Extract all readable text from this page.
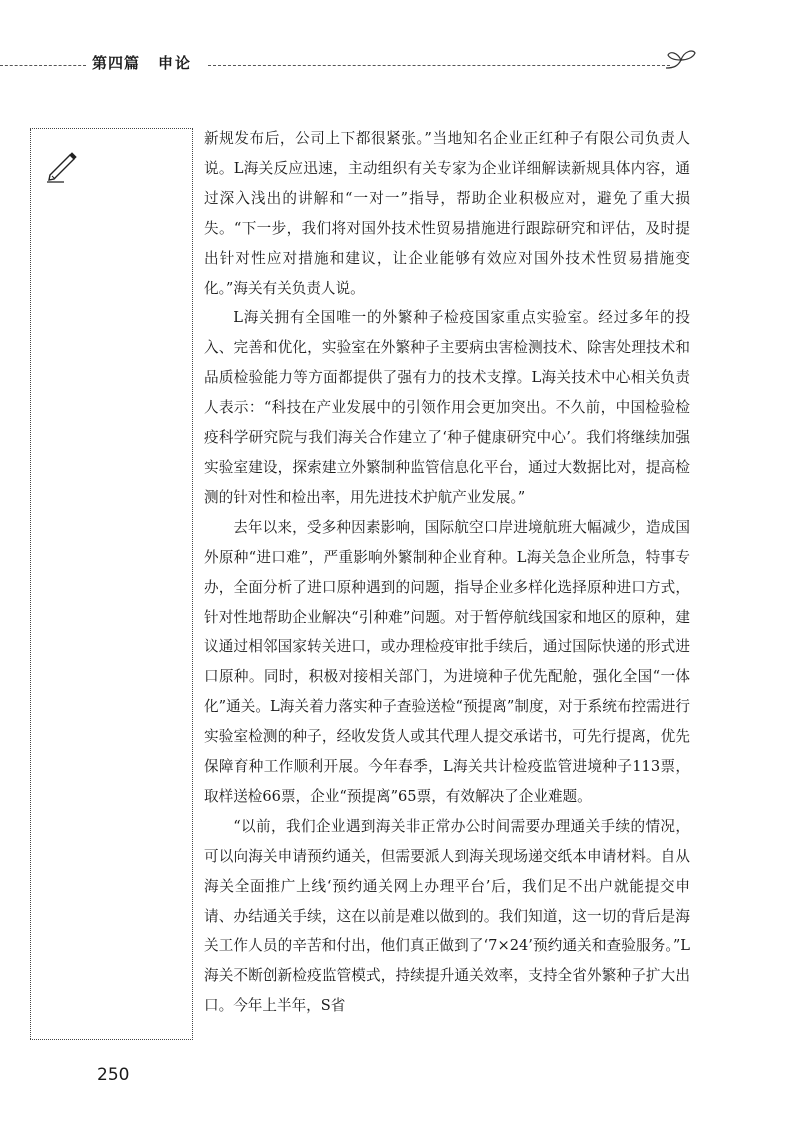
第四篇 申论

新规发布后，公司上下都很紧张。”当地知名企业正红种子有限公司负责人说。L海关反应迅速，主动组织有关专家为企业详细解读新规具体内容，通过深入浅出的讲解和“一对一”指导，帮助企业积极应对，避免了重大损失。“下一步，我们将对国外技术性贸易措施进行跟踪研究和评估，及时提出针对性应对措施和建议，让企业能够有效应对国外技术性贸易措施变化。”海关有关负责人说。

L海关拥有全国唯一的外繁种子检疫国家重点实验室。经过多年的投入、完善和优化，实验室在外繁种子主要病虫害检测技术、除害处理技术和品质检验能力等方面都提供了强有力的技术支撑。L海关技术中心相关负责人表示：“科技在产业发展中的引领作用会更加突出。不久前，中国检验检疫科学研究院与我们海关合作建立了‘种子健康研究中心’。我们将继续加强实验室建设，探索建立外繁制种监管信息化平台，通过大数据比对，提高检测的针对性和检出率，用先进技术护航产业发展。”

去年以来，受多种因素影响，国际航空口岸进境航班大幅减少，造成国外原种“进口难”，严重影响外繁制种企业育种。L海关急企业所急，特事专办，全面分析了进口原种遇到的问题，指导企业多样化选择原种进口方式，针对性地帮助企业解决“引种难”问题。对于暂停航线国家和地区的原种，建议通过相邻国家转关进口，或办理检疫审批手续后，通过国际快递的形式进口原种。同时，积极对接相关部门，为进境种子优先配舱，强化全国“一体化”通关。L海关着力落实种子查验送检“预提离”制度，对于系统布控需进行实验室检测的种子，经收发货人或其代理人提交承诺书，可先行提离，优先保障育种工作顺利开展。今年春季，L海关共计检疫监管进境种子113票，取样送检66票，企业“预提离”65票，有效解决了企业难题。

“以前，我们企业遇到海关非正常办公时间需要办理通关手续的情况，可以向海关申请预约通关，但需要派人到海关现场递交纸本申请材料。自从海关全面推广上线‘预约通关网上办理平台’后，我们足不出户就能提交申请、办结通关手续，这在以前是难以做到的。我们知道，这一切的背后是海关工作人员的辛苦和付出，他们真正做到了‘7×24’预约通关和查验服务。”L海关不断创新检疫监管模式，持续提升通关效率，支持全省外繁种子扩大出口。今年上半年，S省

250
